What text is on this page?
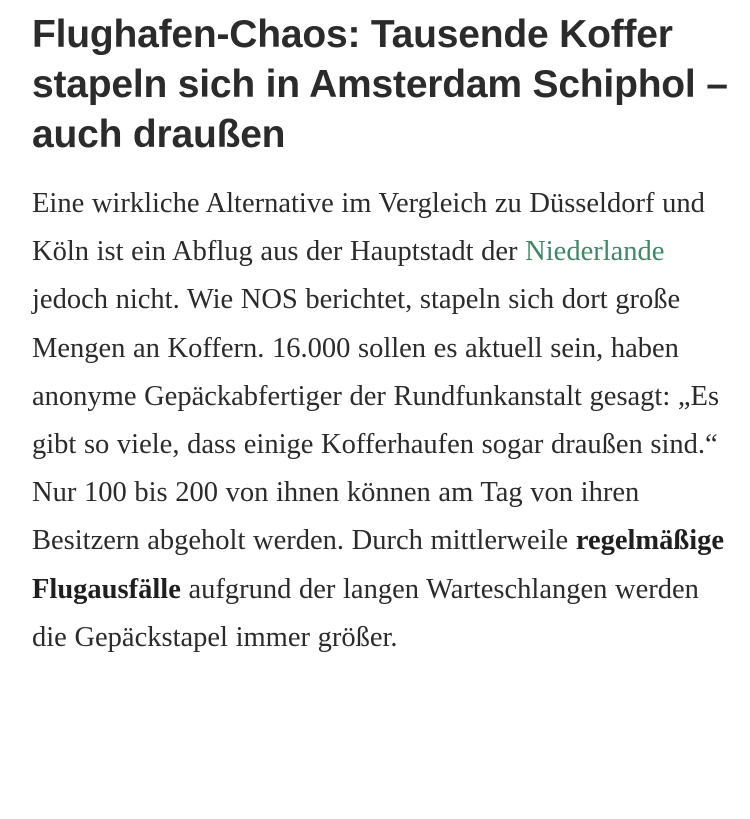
Flughafen-Chaos: Tausende Koffer stapeln sich in Amsterdam Schiphol – auch draußen

Eine wirkliche Alternative im Vergleich zu Düsseldorf und Köln ist ein Abflug aus der Hauptstadt der Niederlande jedoch nicht. Wie NOS berichtet, stapeln sich dort große Mengen an Koffern. 16.000 sollen es aktuell sein, haben anonyme Gepäckabfertiger der Rundfunkanstalt gesagt: „Es gibt so viele, dass einige Kofferhaufen sogar draußen sind.“ Nur 100 bis 200 von ihnen können am Tag von ihren Besitzern abgeholt werden. Durch mittlerweile regelmäßige Flugausfälle aufgrund der langen Warteschlangen werden die Gepäckstapel immer größer.
